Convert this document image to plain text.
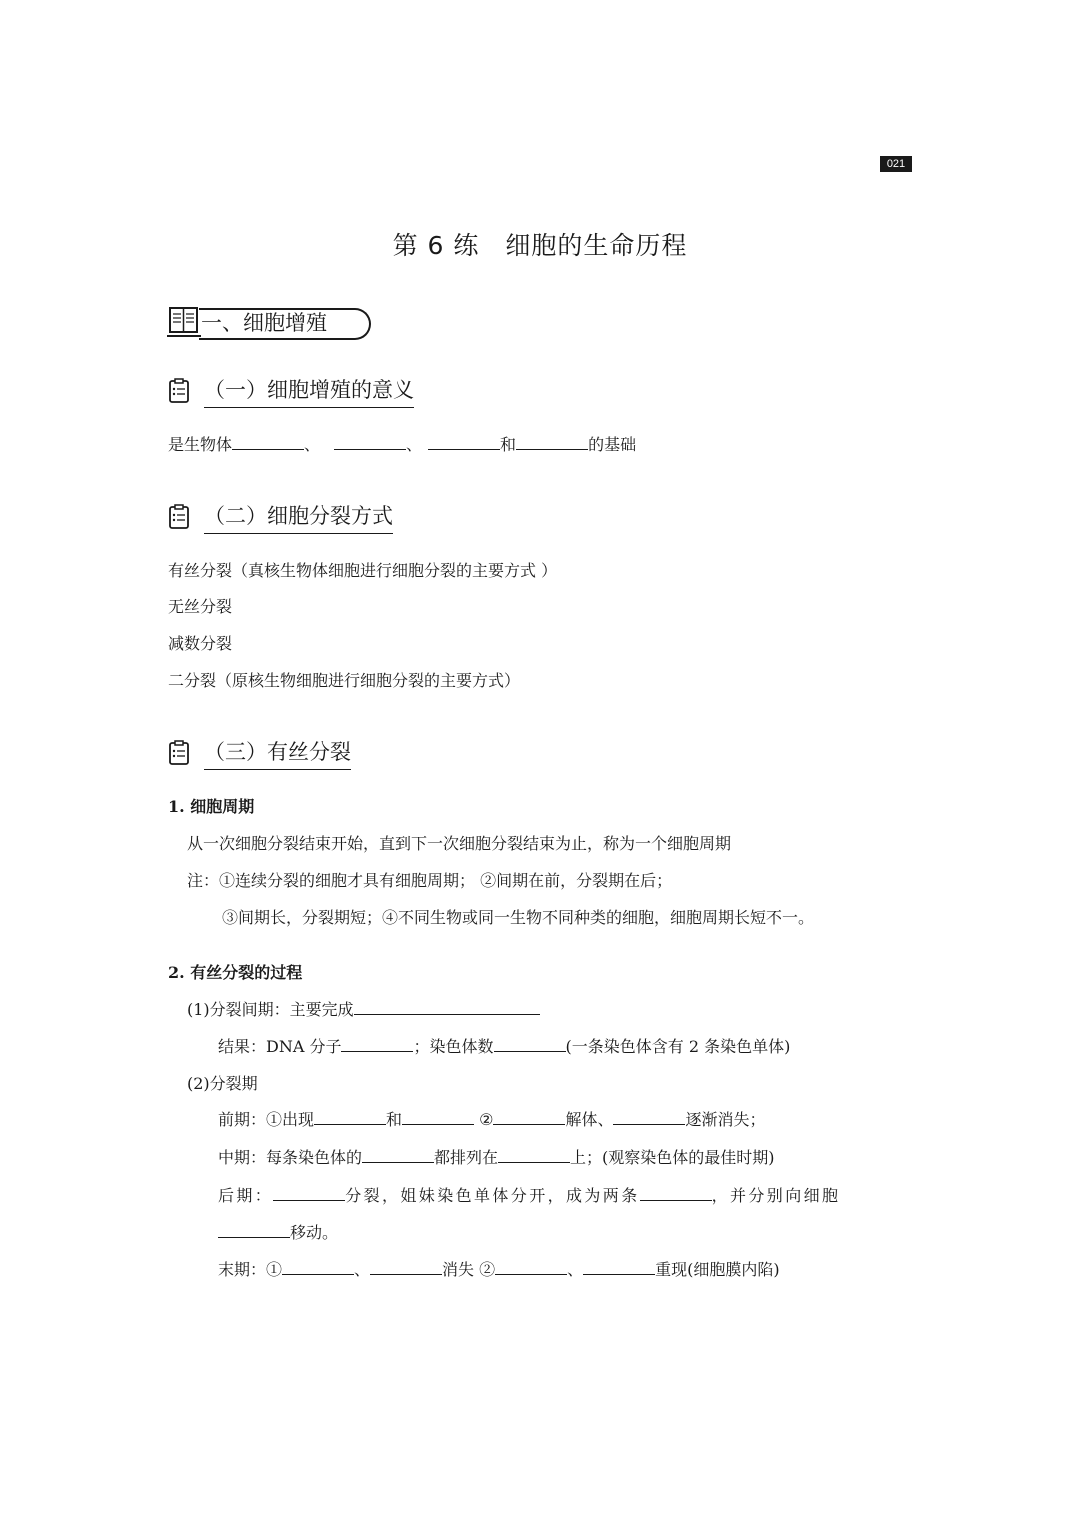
021
第 6 练　细胞的生命历程
一、细胞增殖
（一）细胞增殖的意义
是生物体	、	、	和	的基础
（二）细胞分裂方式
有丝分裂（真核生物体细胞进行细胞分裂的主要方式 ）
无丝分裂
减数分裂
二分裂（原核生物细胞进行细胞分裂的主要方式）
（三）有丝分裂
1. 细胞周期
从一次细胞分裂结束开始，直到下一次细胞分裂结束为止，称为一个细胞周期
注：①连续分裂的细胞才具有细胞周期； ②间期在前，分裂期在后；
③间期长，分裂期短；④不同生物或同一生物不同种类的细胞，细胞周期长短不一。
2. 有丝分裂的过程
(1)分裂间期：主要完成
结果：DNA 分子	；染色体数	(一条染色体含有 2 条染色单体)
(2)分裂期
前期：①出现	和	②	解体、	逐渐消失；
中期：每条染色体的	都排列在	上；(观察染色体的最佳时期)
后期：	分裂，姐妹染色单体分开，成为两条	，并分别向细胞
移动。
末期：①	、	消失 ②	、	重现(细胞膜内陷)
